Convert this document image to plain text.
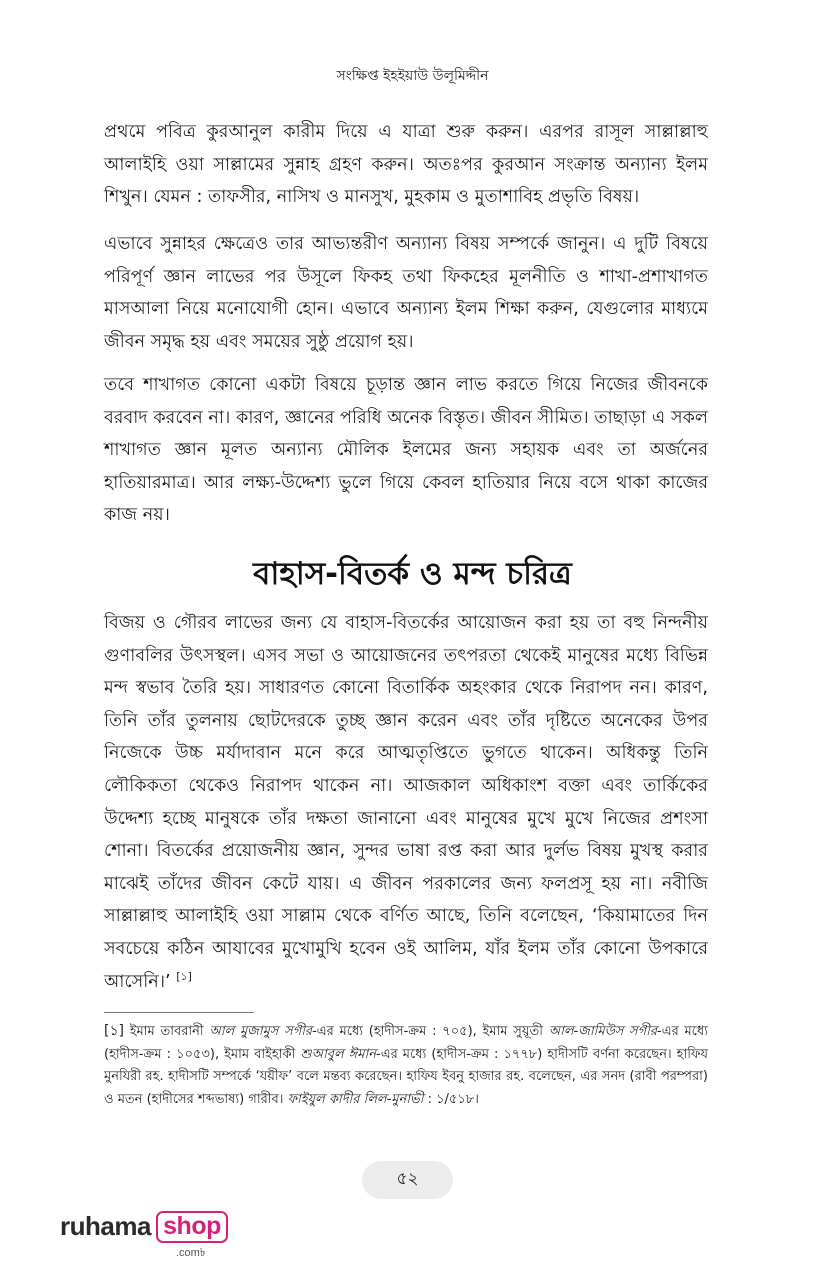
সংক্ষিপ্ত ইহইয়াউ উলূমিদ্দীন

প্রথমে পবিত্র কুরআনুল কারীম দিয়ে এ যাত্রা শুরু করুন। এরপর রাসূল সাল্লাল্লাহু আলাইহি ওয়া সাল্লামের সুন্নাহ গ্রহণ করুন। অতঃপর কুরআন সংক্রান্ত অন্যান্য ইলম শিখুন। যেমন : তাফসীর, নাসিখ ও মানসুখ, মুহকাম ও মুতাশাবিহ প্রভৃতি বিষয়।

এভাবে সুন্নাহর ক্ষেত্রেও তার আভ্যন্তরীণ অন্যান্য বিষয় সম্পর্কে জানুন। এ দুটি বিষয়ে পরিপূর্ণ জ্ঞান লাভের পর উসূলে ফিকহ তথা ফিকহের মূলনীতি ও শাখা-প্রশাখাগত মাসআলা নিয়ে মনোযোগী হোন। এভাবে অন্যান্য ইলম শিক্ষা করুন, যেগুলোর মাধ্যমে জীবন সমৃদ্ধ হয় এবং সময়ের সুষ্ঠু প্রয়োগ হয়।

তবে শাখাগত কোনো একটা বিষয়ে চূড়ান্ত জ্ঞান লাভ করতে গিয়ে নিজের জীবনকে বরবাদ করবেন না। কারণ, জ্ঞানের পরিধি অনেক বিস্তৃত। জীবন সীমিত। তাছাড়া এ সকল শাখাগত জ্ঞান মূলত অন্যান্য মৌলিক ইলমের জন্য সহায়ক এবং তা অর্জনের হাতিয়ারমাত্র। আর লক্ষ্য-উদ্দেশ্য ভুলে গিয়ে কেবল হাতিয়ার নিয়ে বসে থাকা কাজের কাজ নয়।

বাহাস-বিতর্ক ও মন্দ চরিত্র

বিজয় ও গৌরব লাভের জন্য যে বাহাস-বিতর্কের আয়োজন করা হয় তা বহু নিন্দনীয় গুণাবলির উৎসস্থল। এসব সভা ও আয়োজনের তৎপরতা থেকেই মানুষের মধ্যে বিভিন্ন মন্দ স্বভাব তৈরি হয়। সাধারণত কোনো বিতার্কিক অহংকার থেকে নিরাপদ নন। কারণ, তিনি তাঁর তুলনায় ছোটদেরকে তুচ্ছ জ্ঞান করেন এবং তাঁর দৃষ্টিতে অনেকের উপর নিজেকে উচ্চ মর্যাদাবান মনে করে আত্মতৃপ্তিতে ভুগতে থাকেন। অধিকন্তু তিনি লৌকিকতা থেকেও নিরাপদ থাকেন না। আজকাল অধিকাংশ বক্তা এবং তার্কিকের উদ্দেশ্য হচ্ছে মানুষকে তাঁর দক্ষতা জানানো এবং মানুষের মুখে মুখে নিজের প্রশংসা শোনা। বিতর্কের প্রয়োজনীয় জ্ঞান, সুন্দর ভাষা রপ্ত করা আর দুর্লভ বিষয় মুখস্থ করার মাঝেই তাঁদের জীবন কেটে যায়। এ জীবন পরকালের জন্য ফলপ্রসূ হয় না। নবীজি সাল্লাল্লাহু আলাইহি ওয়া সাল্লাম থেকে বর্ণিত আছে, তিনি বলেছেন, ‘কিয়ামাতের দিন সবচেয়ে কঠিন আযাবের মুখোমুখি হবেন ওই আলিম, যাঁর ইলম তাঁর কোনো উপকারে আসেনি।’ [১]

[১] ইমাম তাবরানী আল মুজামুস সগীর-এর মধ্যে (হাদীস-ক্রম : ৭০৫), ইমাম সুয়ূতী আল-জামিউস সগীর-এর মধ্যে (হাদীস-ক্রম : ১০৫৩), ইমাম বাইহাকী শুআবুল ঈমান-এর মধ্যে (হাদীস-ক্রম : ১৭৭৮) হাদীসটি বর্ণনা করেছেন। হাফিয মুনযিরী রহ. হাদীসটি সম্পর্কে ‘যয়ীফ’ বলে মন্তব্য করেছেন। হাফিয ইবনু হাজার রহ. বলেছেন, এর সনদ (রাবী পরম্পরা) ও মতন (হাদীসের শব্দভাষ্য) গারীব। ফাইযুল কাদীর লিল-মুনাভী : ১/৫১৮।

৫২
ruhama shop
.com৳
